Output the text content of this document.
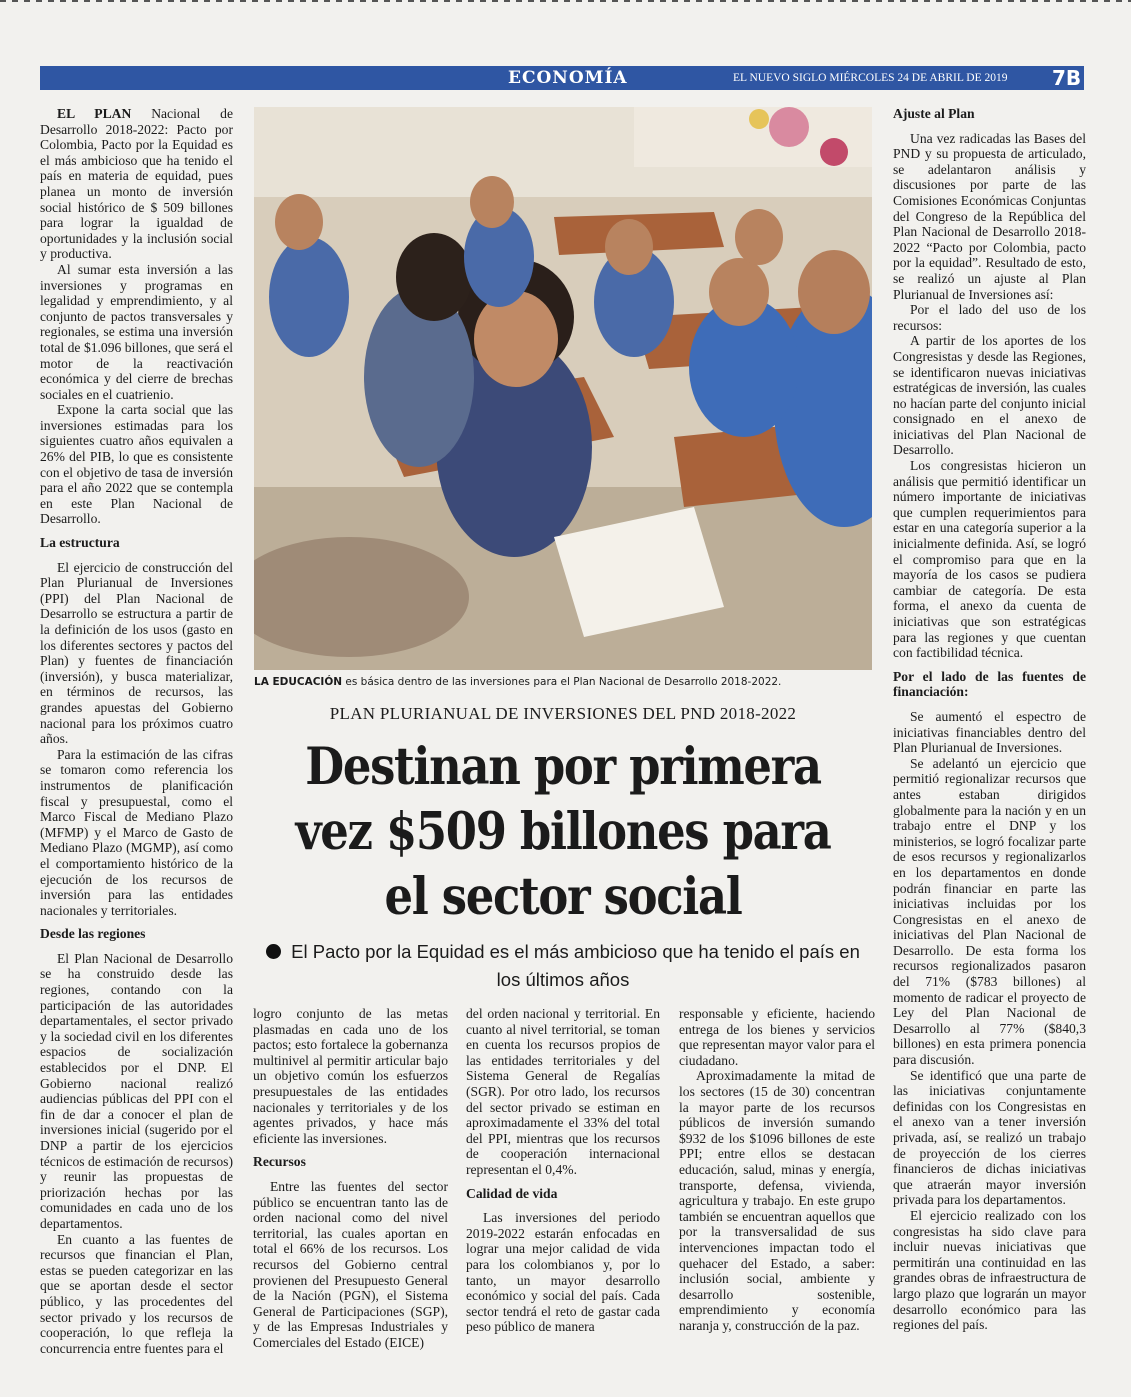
ECONOMÍA	EL NUEVO SIGLO MIÉRCOLES 24 DE ABRIL DE 2019 7B

EL PLAN Nacional de Desarrollo 2018-2022: Pacto por Colombia, Pacto por la Equidad es el más ambicioso que ha tenido el país en materia de equidad, pues planea un monto de inversión social histórico de $ 509 billones para lograr la igualdad de oportunidades y la inclusión social y productiva.

Al sumar esta inversión a las inversiones y programas en legalidad y emprendimiento, y al conjunto de pactos transversales y regionales, se estima una inversión total de $1.096 billones, que será el motor de la reactivación económica y del cierre de brechas sociales en el cuatrienio.

Expone la carta social que las inversiones estimadas para los siguientes cuatro años equivalen a 26% del PIB, lo que es consistente con el objetivo de tasa de inversión para el año 2022 que se contempla en este Plan Nacional de Desarrollo.

La estructura

El ejercicio de construcción del Plan Plurianual de Inversiones (PPI) del Plan Nacional de Desarrollo se estructura a partir de la definición de los usos (gasto en los diferentes sectores y pactos del Plan) y fuentes de financiación (inversión), y busca materializar, en términos de recursos, las grandes apuestas del Gobierno nacional para los próximos cuatro años.

Para la estimación de las cifras se tomaron como referencia los instrumentos de planificación fiscal y presupuestal, como el Marco Fiscal de Mediano Plazo (MFMP) y el Marco de Gasto de Mediano Plazo (MGMP), así como el comportamiento histórico de la ejecución de los recursos de inversión para las entidades nacionales y territoriales.

Desde las regiones

El Plan Nacional de Desarrollo se ha construido desde las regiones, contando con la participación de las autoridades departamentales, el sector privado y la sociedad civil en los diferentes espacios de socialización establecidos por el DNP. El Gobierno nacional realizó audiencias públicas del PPI con el fin de dar a conocer el plan de inversiones inicial (sugerido por el DNP a partir de los ejercicios técnicos de estimación de recursos) y reunir las propuestas de priorización hechas por las comunidades en cada uno de los departamentos.

En cuanto a las fuentes de recursos que financian el Plan, estas se pueden categorizar en las que se aportan desde el sector público, y las procedentes del sector privado y los recursos de cooperación, lo que refleja la concurrencia entre fuentes para el

LA EDUCACIÓN es básica dentro de las inversiones para el Plan Nacional de Desarrollo 2018-2022.
PLAN PLURIANUAL DE INVERSIONES DEL PND 2018-2022
Destinan por primera vez $509 billones para el sector social
El Pacto por la Equidad es el más ambicioso que ha tenido el país en los últimos años

logro conjunto de las metas plasmadas en cada uno de los pactos; esto fortalece la gobernanza multinivel al permitir articular bajo un objetivo común los esfuerzos presupuestales de las entidades nacionales y territoriales y de los agentes privados, y hace más eficiente las inversiones.

Recursos

Entre las fuentes del sector público se encuentran tanto las de orden nacional como del nivel territorial, las cuales aportan en total el 66% de los recursos. Los recursos del Gobierno central provienen del Presupuesto General de la Nación (PGN), el Sistema General de Participaciones (SGP), y de las Empresas Industriales y Comerciales del Estado (EICE)

del orden nacional y territorial. En cuanto al nivel territorial, se toman en cuenta los recursos propios de las entidades territoriales y del Sistema General de Regalías (SGR). Por otro lado, los recursos del sector privado se estiman en aproximadamente el 33% del total del PPI, mientras que los recursos de cooperación internacional representan el 0,4%.

Calidad de vida

Las inversiones del periodo 2019-2022 estarán enfocadas en lograr una mejor calidad de vida para los colombianos y, por lo tanto, un mayor desarrollo económico y social del país. Cada sector tendrá el reto de gastar cada peso público de manera

responsable y eficiente, haciendo entrega de los bienes y servicios que representan mayor valor para el ciudadano.

Aproximadamente la mitad de los sectores (15 de 30) concentran la mayor parte de los recursos públicos de inversión sumando $932 de los $1096 billones de este PPI; entre ellos se destacan educación, salud, minas y energía, transporte, defensa, vivienda, agricultura y trabajo. En este grupo también se encuentran aquellos que por la transversalidad de sus intervenciones impactan todo el quehacer del Estado, a saber: inclusión social, ambiente y desarrollo sostenible, emprendimiento y economía naranja y, construcción de la paz.

Ajuste al Plan

Una vez radicadas las Bases del PND y su propuesta de articulado, se adelantaron análisis y discusiones por parte de las Comisiones Económicas Conjuntas del Congreso de la República del Plan Nacional de Desarrollo 2018-2022 “Pacto por Colombia, pacto por la equidad”. Resultado de esto, se realizó un ajuste al Plan Plurianual de Inversiones así:

Por el lado del uso de los recursos:

A partir de los aportes de los Congresistas y desde las Regiones, se identificaron nuevas iniciativas estratégicas de inversión, las cuales no hacían parte del conjunto inicial consignado en el anexo de iniciativas del Plan Nacional de Desarrollo.

Los congresistas hicieron un análisis que permitió identificar un número importante de iniciativas que cumplen requerimientos para estar en una categoría superior a la inicialmente definida. Así, se logró el compromiso para que en la mayoría de los casos se pudiera cambiar de categoría. De esta forma, el anexo da cuenta de iniciativas que son estratégicas para las regiones y que cuentan con factibilidad técnica.

Por el lado de las fuentes de financiación:

Se aumentó el espectro de iniciativas financiables dentro del Plan Plurianual de Inversiones.

Se adelantó un ejercicio que permitió regionalizar recursos que antes estaban dirigidos globalmente para la nación y en un trabajo entre el DNP y los ministerios, se logró focalizar parte de esos recursos y regionalizarlos en los departamentos en donde podrán financiar en parte las iniciativas incluidas por los Congresistas en el anexo de iniciativas del Plan Nacional de Desarrollo. De esta forma los recursos regionalizados pasaron del 71% ($783 billones) al momento de radicar el proyecto de Ley del Plan Nacional de Desarrollo al 77% ($840,3 billones) en esta primera ponencia para discusión.

Se identificó que una parte de las iniciativas conjuntamente definidas con los Congresistas en el anexo van a tener inversión privada, así, se realizó un trabajo de proyección de los cierres financieros de dichas iniciativas que atraerán mayor inversión privada para los departamentos.

El ejercicio realizado con los congresistas ha sido clave para incluir nuevas iniciativas que permitirán una continuidad en las grandes obras de infraestructura de largo plazo que lograrán un mayor desarrollo económico para las regiones del país.
